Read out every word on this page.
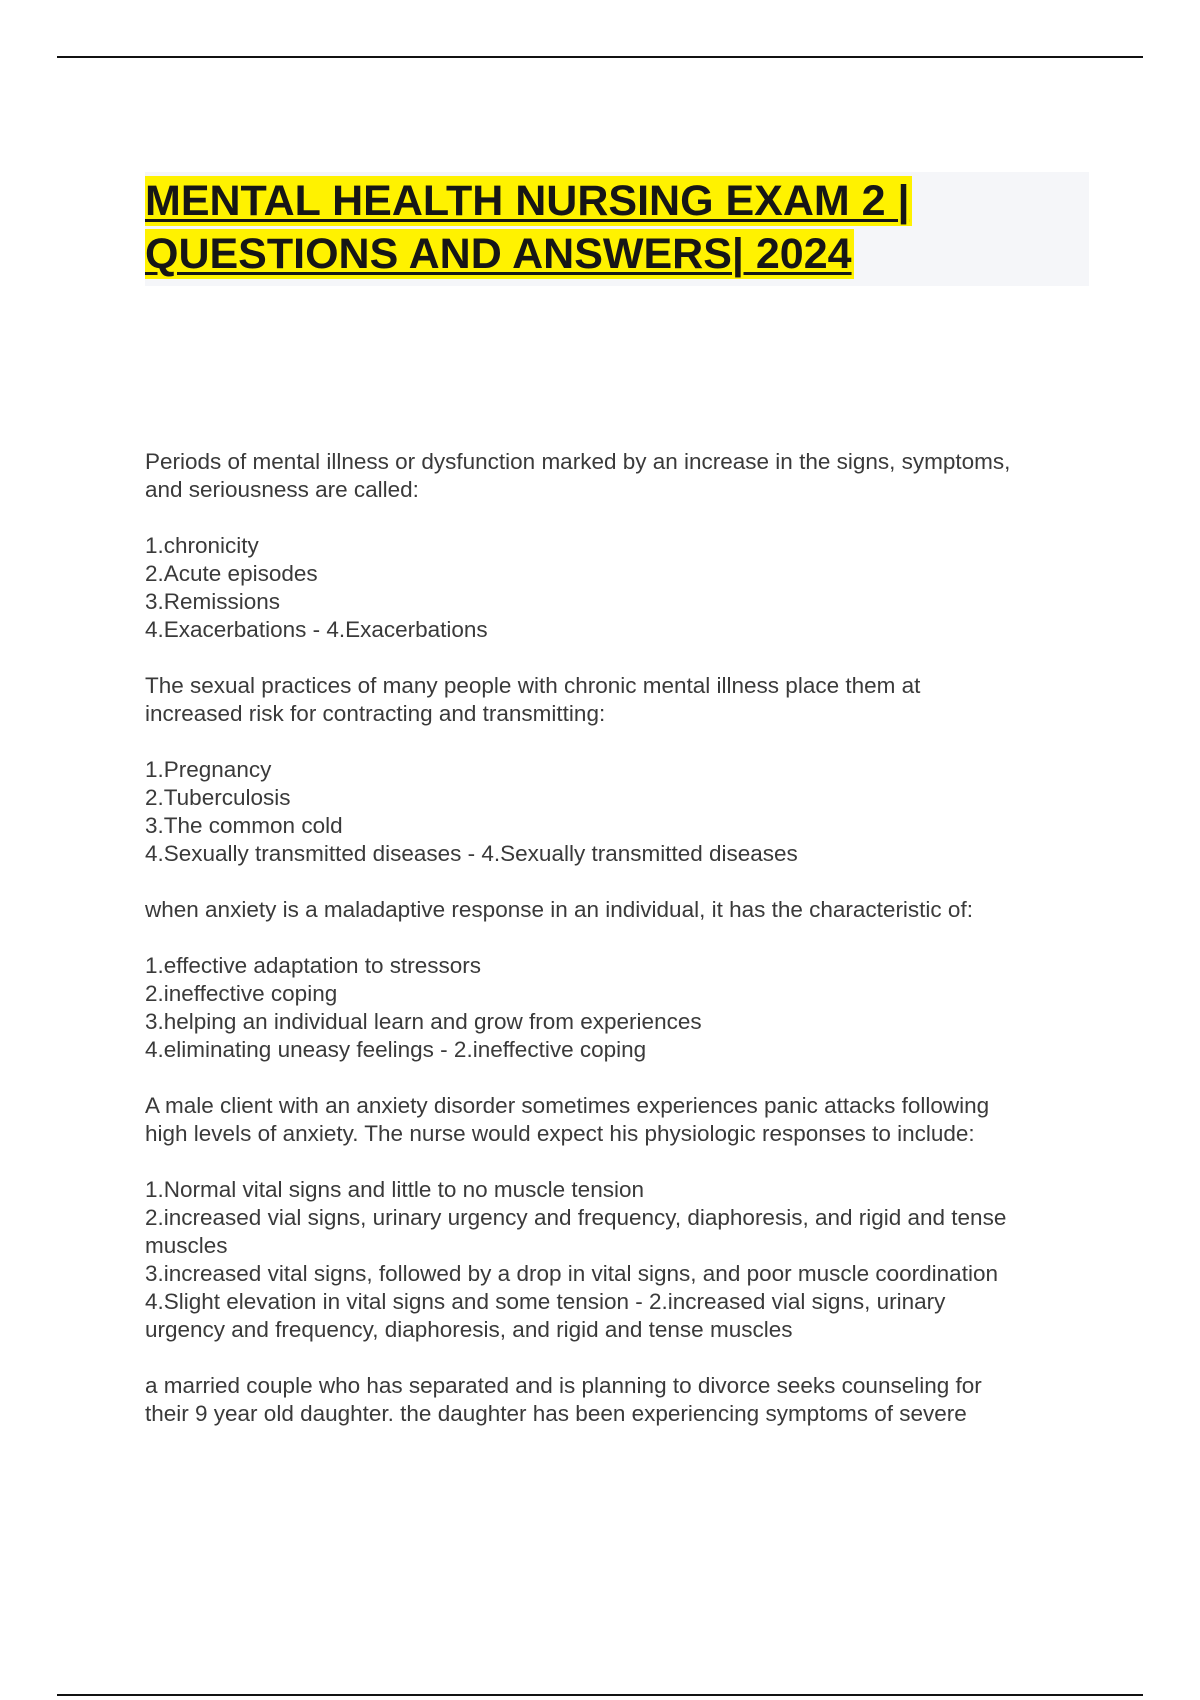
MENTAL HEALTH NURSING EXAM 2 |
QUESTIONS AND ANSWERS| 2024
Periods of mental illness or dysfunction marked by an increase in the signs, symptoms,
and seriousness are called:
1.chronicity
2.Acute episodes
3.Remissions
4.Exacerbations - 4.Exacerbations
The sexual practices of many people with chronic mental illness place them at
increased risk for contracting and transmitting:
1.Pregnancy
2.Tuberculosis
3.The common cold
4.Sexually transmitted diseases - 4.Sexually transmitted diseases
when anxiety is a maladaptive response in an individual, it has the characteristic of:
1.effective adaptation to stressors
2.ineffective coping
3.helping an individual learn and grow from experiences
4.eliminating uneasy feelings - 2.ineffective coping
A male client with an anxiety disorder sometimes experiences panic attacks following
high levels of anxiety. The nurse would expect his physiologic responses to include:
1.Normal vital signs and little to no muscle tension
2.increased vial signs, urinary urgency and frequency, diaphoresis, and rigid and tense
muscles
3.increased vital signs, followed by a drop in vital signs, and poor muscle coordination
4.Slight elevation in vital signs and some tension - 2.increased vial signs, urinary
urgency and frequency, diaphoresis, and rigid and tense muscles
a married couple who has separated and is planning to divorce seeks counseling for
their 9 year old daughter. the daughter has been experiencing symptoms of severe
